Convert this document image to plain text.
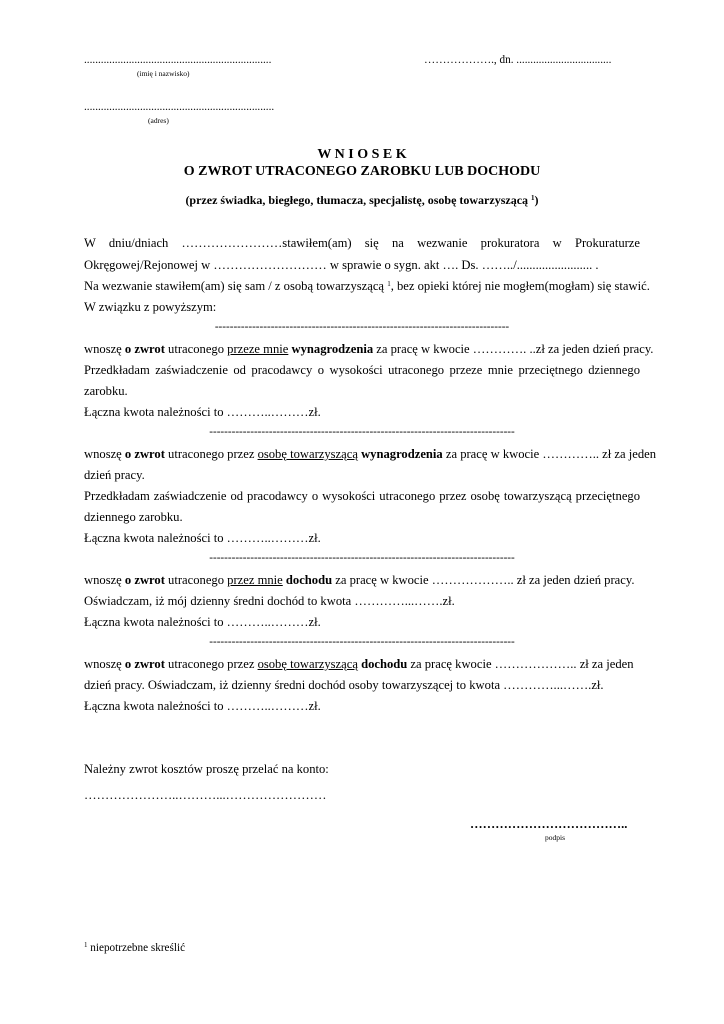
...................................................................
(imię i nazwisko)
………………., dn. ..................................
....................................................................
(adres)
W N I O S E K
O ZWROT UTRACONEGO ZAROBKU LUB DOCHODU
(przez świadka, biegłego, tłumacza, specjalistę, osobę towarzyszącą $^1$)
W dniu/dniach ……………………stawiłem(am) się na wezwanie prokuratora w Prokuraturze
Okręgowej/Rejonowej w ……………………… w sprawie o sygn. akt …. Ds. ……../........................ .
Na wezwanie stawiłem(am) się sam / z osobą towarzyszącą $^1$, bez opieki której nie mogłem(mogłam) się stawić.
W związku z powyższym:
-------------------------------------------------------------------------------
wnoszę o zwrot utraconego przeze mnie wynagrodzenia za pracę w kwocie …………. ..zł za jeden dzień pracy.
Przedkładam zaświadczenie od pracodawcy o wysokości utraconego przeze mnie przeciętnego dziennego
zarobku.
Łączna kwota należności to ………..………zł.
----------------------------------------------------------------------------------
wnoszę o zwrot utraconego przez osobę towarzyszącą wynagrodzenia za pracę w kwocie ………….. zł za jeden
dzień pracy.
Przedkładam zaświadczenie od pracodawcy o wysokości utraconego przez osobę towarzyszącą przeciętnego
dziennego zarobku.
Łączna kwota należności to ………..………zł.
----------------------------------------------------------------------------------
wnoszę o zwrot utraconego przez mnie dochodu za pracę w kwocie ……………….. zł za jeden dzień pracy.
Oświadczam, iż mój dzienny średni dochód to kwota …………...…….zł.
Łączna kwota należności to ………..………zł.
----------------------------------------------------------------------------------
wnoszę o zwrot utraconego przez osobę towarzyszącą dochodu za pracę kwocie ……………….. zł za jeden
dzień pracy. Oświadczam, iż dzienny średni dochód osoby towarzyszącej to kwota …………...…….zł.
Łączna kwota należności to ………..………zł.
Należny zwrot kosztów proszę przelać na konto:
…………………..………...……………………
………………………………..
podpis
$^1$ niepotrzebne skreślić
